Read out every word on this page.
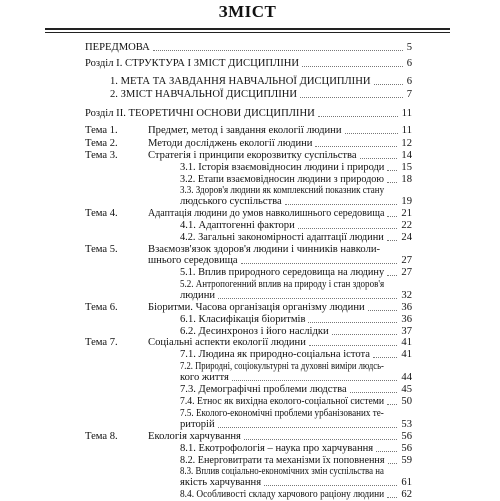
ЗМІСТ
ПЕРЕДМОВА	5
Розділ І. СТРУКТУРА І ЗМІСТ ДИСЦИПЛІНИ	6
1. МЕТА ТА ЗАВДАННЯ НАВЧАЛЬНОЇ ДИСЦИПЛІНИ	6
2. ЗМІСТ НАВЧАЛЬНОЇ ДИСЦИПЛІНИ	7
Розділ ІІ. ТЕОРЕТИЧНІ ОСНОВИ ДИСЦИПЛІНИ	11
Тема 1.	Предмет, метод і завдання екології людини	11
Тема 2.	Методи досліджень екології людини	12
Тема 3.	Стратегія і принципи екорозвитку суспільства	14
3.1. Історія взаємовідносин людини і природи 15
3.2. Етапи взаємовідносин людини з природою 18
3.3. Здоров'я людини як комплексний показник стану
людського суспільства	19
Тема 4.	Адаптація людини до умов навколишнього середовища 21
4.1. Адаптогенні фактори	22
4.2. Загальні закономірності адаптації людини 24
Тема 5.	Взаємозв'язок здоров'я людини і чинників навколи-
шнього середовища	27
5.1. Вплив природного середовища на людину 27
5.2. Антропогенний вплив на природу і стан здоров'я
людини	32
Тема 6.	Біоритми. Часова організація організму людини	36
6.1. Класифікація біоритмів	36
6.2. Десинхроноз і його наслідки	37
Тема 7.	Соціальні аспекти екології людини	41
7.1. Людина як природно-соціальна істота	41
7.2. Природні, соціокультурні та духовні виміри людсь-
кого життя	44
7.3. Демографічні проблеми людства	45
7.4. Етнос як вихідна еколого-соціальної системи 50
7.5. Еколого-економічні проблеми урбанізованих те-
риторій	53
Тема 8.	Екологія харчування	56
8.1. Екотрофологія – наука про харчування	56
8.2. Енерговитрати та механізми їх поповнення 59
8.3. Вплив соціально-економічних змін суспільства на
якість харчування	61
8.4. Особливості складу харчового раціону людини 62
